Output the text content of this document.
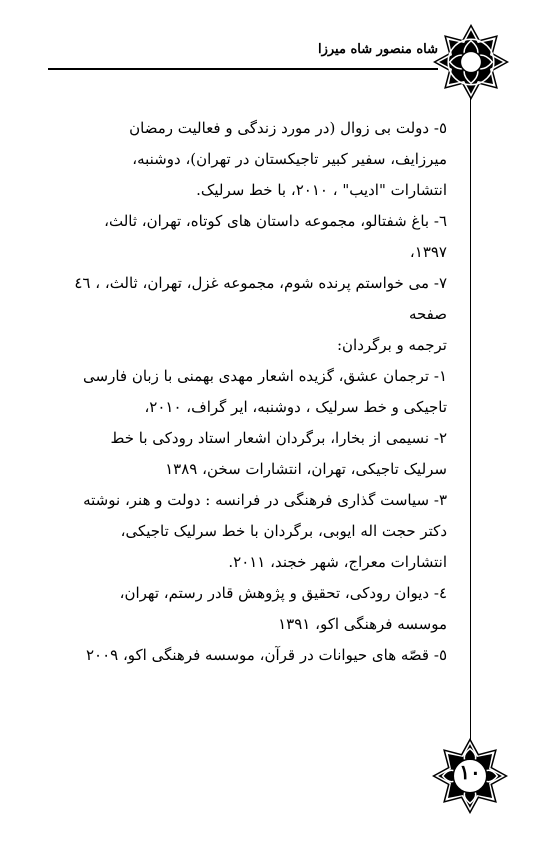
شاه منصور شاه میرزا
١٠

٥- دولت بی زوال (در مورد زندگی و فعالیت رمضان میرزایف، سفیر کبیر تاجیکستان در تهران)، دوشنبه، انتشارات "ادیب" ، ۲۰۱۰، با خط سرلیک.

٦- باغ شفتالو، مجموعه داستان های کوتاه، تهران، ثالث، ۱۳۹۷،

٧- می خواستم پرنده شوم، مجموعه غزل، تهران، ثالث، ، ٤٦ صفحه

ترجمه و برگردان:

١- ترجمان عشق، گزیده اشعار مهدی بهمنی با زبان فارسی تاجیکی و خط سرلیک ، دوشنبه، ایر گراف، ۲۰۱۰،

٢- نسیمی از بخارا، برگردان اشعار استاد رودکی با خط سرلیک تاجیکی، تهران، انتشارات سخن، ۱۳۸۹

٣- سیاست گذاری فرهنگی در فرانسه : دولت و هنر، نوشته دکتر حجت اله ایوبی، برگردان با خط سرلیک تاجیکی، انتشارات معراج، شهر خجند، ۲۰۱۱.

٤- دیوان رودکی، تحقیق و پژوهش قادر رستم، تهران، موسسه فرهنگی اکو، ۱۳۹۱

٥- قصّه های حیوانات در قرآن، موسسه فرهنگی اکو، ۲۰۰۹
